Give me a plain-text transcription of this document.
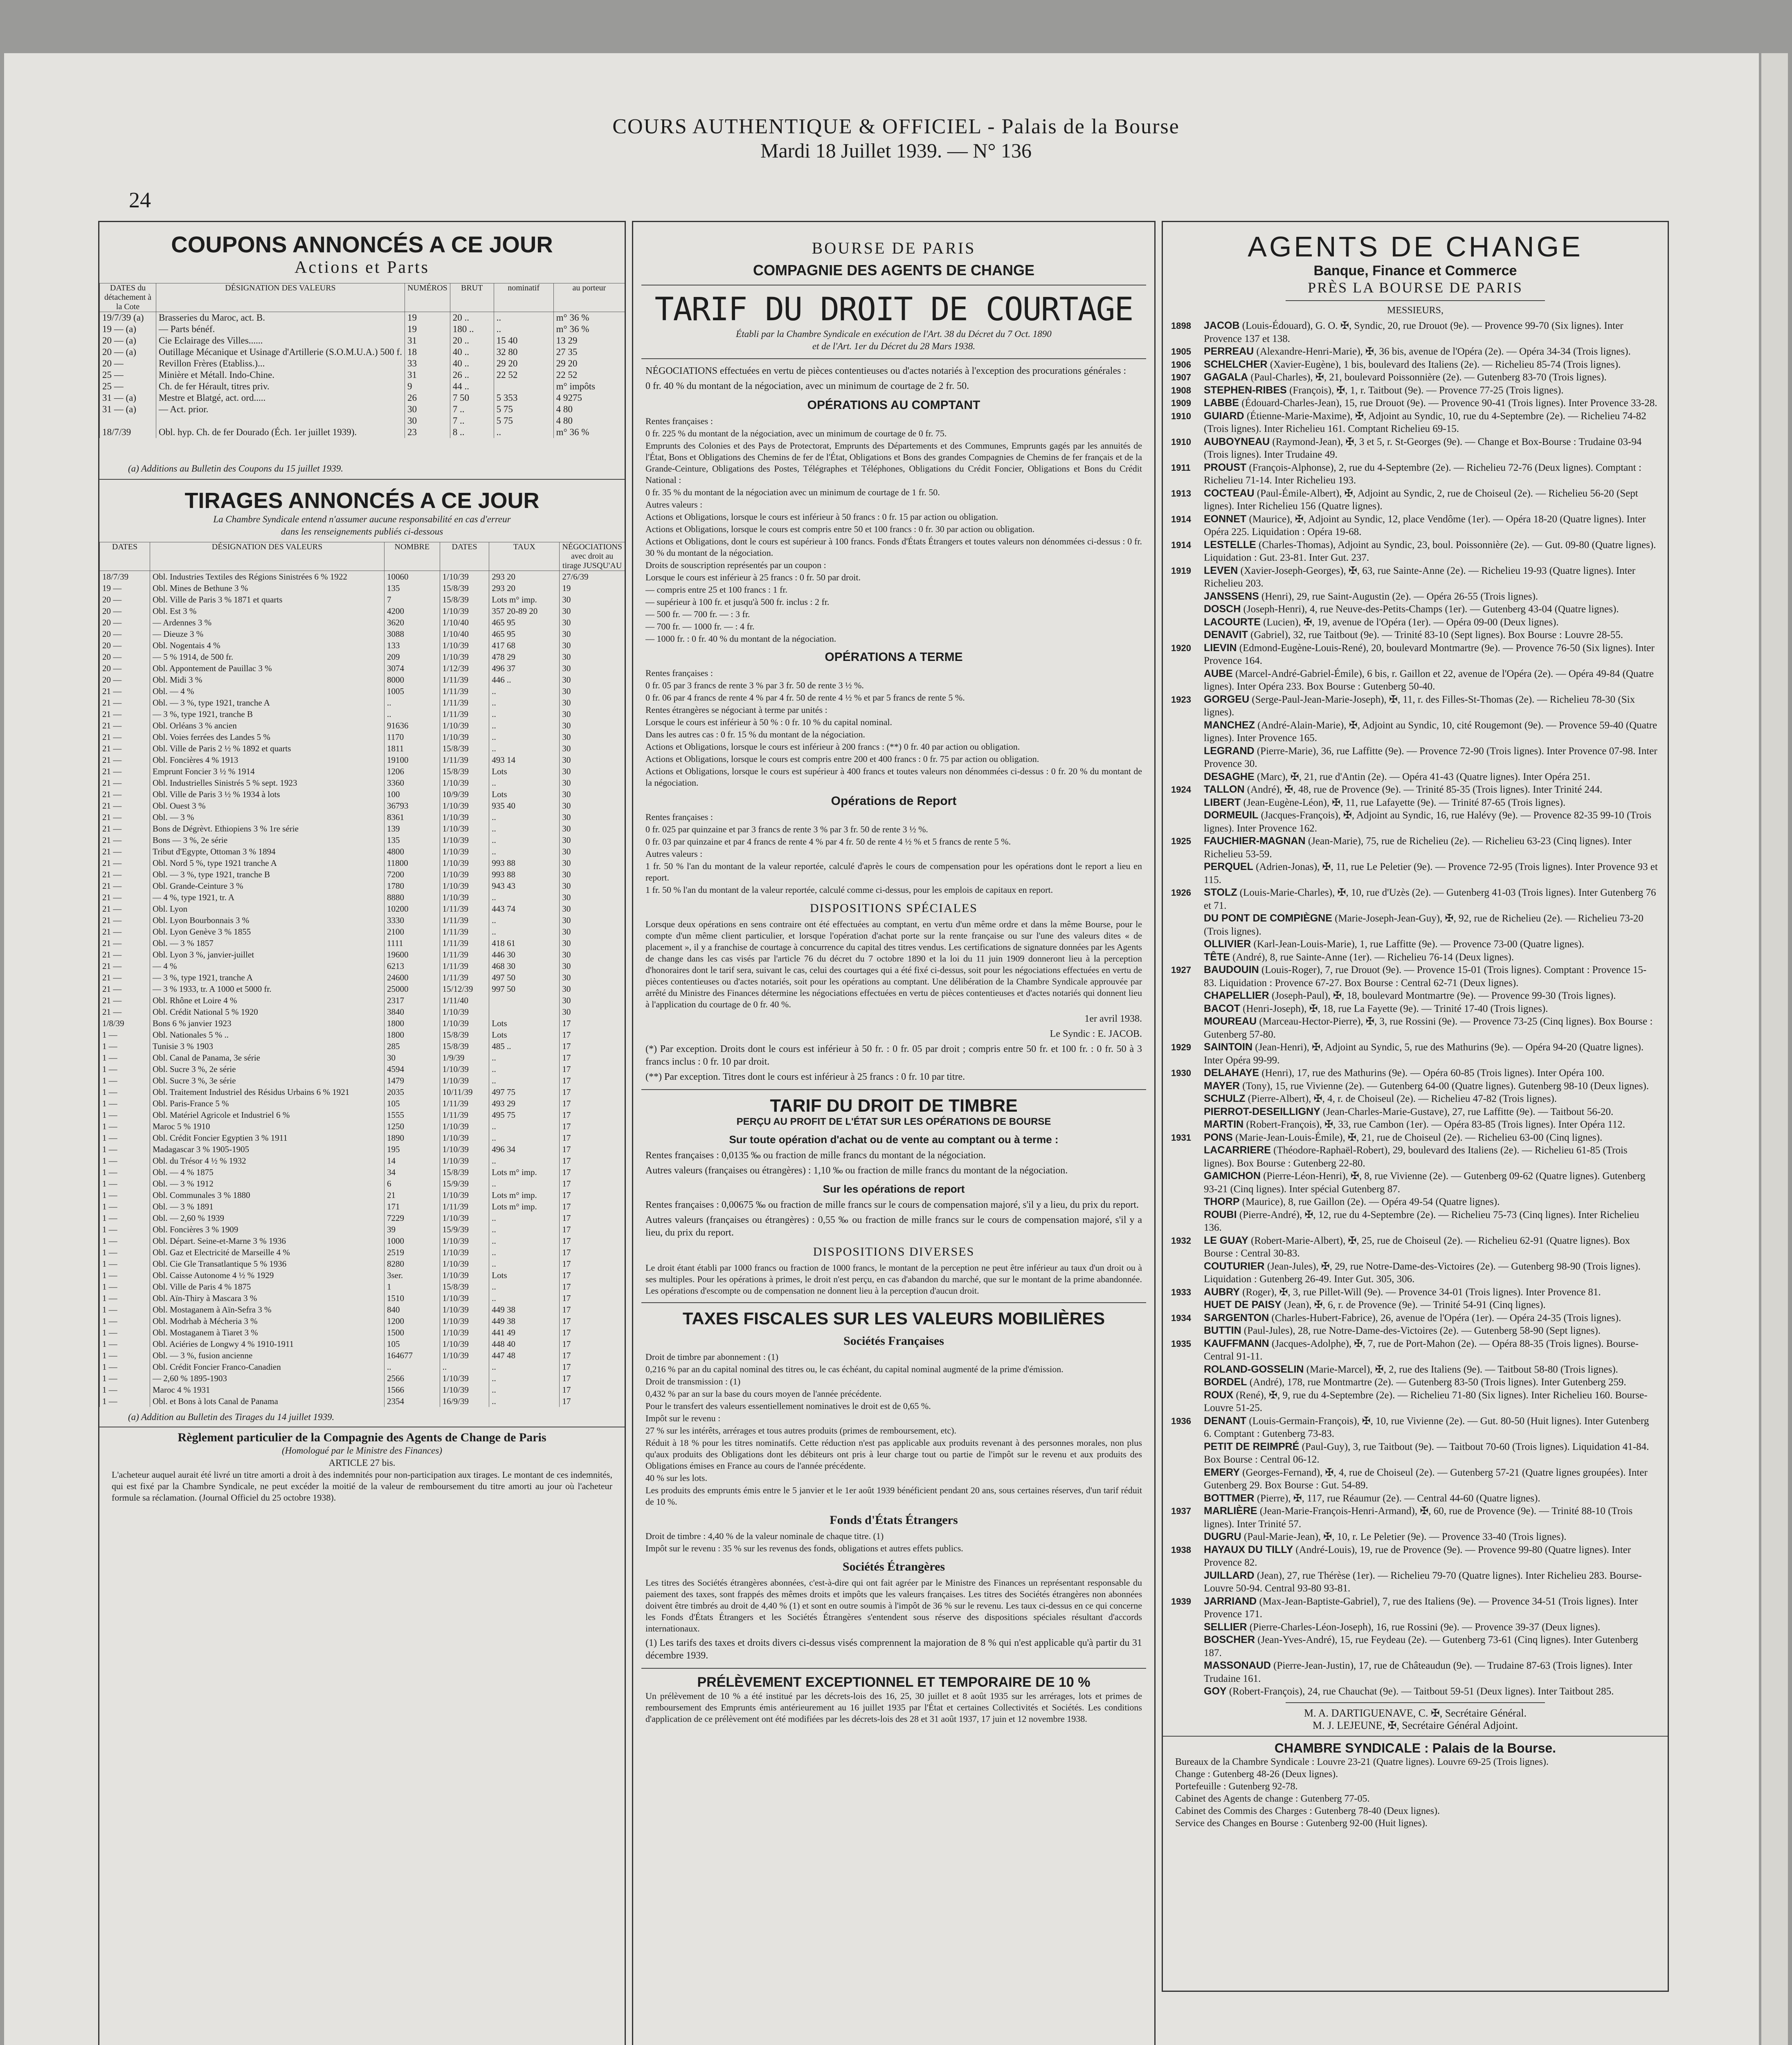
COURS AUTHENTIQUE & OFFICIEL - Palais de la Bourse
Mardi 18 Juillet 1939. — N° 136
24
COUPONS ANNONCÉS A CE JOUR
Actions et Parts
DATES du détachement à la Cote	DÉSIGNATION DES VALEURS	NUMÉROS	BRUT	nominatif	au porteur
19/7/39 (a)	Brasseries du Maroc, act. B.	19	20 ..	..	m° 36 %
19 — (a)	— Parts bénéf.	19	180 ..	..	m° 36 %
20 — (a)	Cie Eclairage des Villes......	31	20 ..	15 40	13 29
20 — (a)	Outillage Mécanique et Usinage d'Artillerie (S.O.M.U.A.) 500 f.	18	40 ..	32 80	27 35
20 —	Revillon Frères (Etabliss.)...	33	40 ..	29 20	29 20
25 —	Minière et Métall. Indo-Chine.	31	26 ..	22 52	22 52
25 —	Ch. de fer Hérault, titres priv.	9	44 ..		m° impôts
31 — (a)	Mestre et Blatgé, act. ord.....	26	7 50	5 353	4 9275
31 — (a)	— Act. prior.	30	7 ..	5 75	4 80
		30	7 ..	5 75	4 80
18/7/39	Obl. hyp. Ch. de fer Dourado (Éch. 1er juillet 1939).	23	8 ..	..	m° 36 %
(a) Additions au Bulletin des Coupons du 15 juillet 1939.
TIRAGES ANNONCÉS A CE JOUR
La Chambre Syndicale entend n'assumer aucune responsabilité en cas d'erreur
dans les renseignements publiés ci-dessous
DATES	DÉSIGNATION DES VALEURS	NOMBRE	DATES	TAUX	NÉGOCIATIONS avec droit au tirage JUSQU'AU
18/7/39	Obl. Industries Textiles des Régions Sinistrées 6 % 1922	10060	1/10/39	293 20	27/6/39
19 —	Obl. Mines de Bethune 3 %	135	15/8/39	293 20	19
20 —	Obl. Ville de Paris 3 % 1871 et quarts	7	15/8/39	Lots m° imp.	30
20 —	Obl. Est 3 %	4200	1/10/39	357 20-89 20	30
20 —	— Ardennes 3 %	3620	1/10/40	465 95	30
20 —	— Dieuze 3 %	3088	1/10/40	465 95	30
20 —	Obl. Nogentais 4 %	133	1/10/39	417 68	30
20 —	— 5 % 1914, de 500 fr.	209	1/10/39	478 29	30
20 —	Obl. Appontement de Pauillac 3 %	3074	1/12/39	496 37	30
20 —	Obl. Midi 3 %	8000	1/11/39	446 ..	30
21 —	Obl. — 4 %	1005	1/11/39	..	30
21 —	Obl. — 3 %, type 1921, tranche A	..	1/11/39	..	30
21 —	— 3 %, type 1921, tranche B	..	1/11/39	..	30
21 —	Obl. Orléans 3 % ancien	91636	1/10/39	..	30
21 —	Obl. Voies ferrées des Landes 5 %	1170	1/10/39	..	30
21 —	Obl. Ville de Paris 2 ½ % 1892 et quarts	1811	15/8/39	..	30
21 —	Obl. Foncières 4 % 1913	19100	1/11/39	493 14	30
21 —	Emprunt Foncier 3 ½ % 1914	1206	15/8/39	Lots	30
21 —	Obl. Industrielles Sinistrés 5 % sept. 1923	3360	1/10/39	..	30
21 —	Obl. Ville de Paris 3 ½ % 1934 à lots	100	10/9/39	Lots	30
21 —	Obl. Ouest 3 %	36793	1/10/39	935 40	30
21 —	Obl. — 3 %	8361	1/10/39	..	30
21 —	Bons de Dégrèvt. Ethiopiens 3 % 1re série	139	1/10/39	..	30
21 —	Bons — 3 %, 2e série	135	1/10/39	..	30
21 —	Tribut d'Egypte, Ottoman 3 % 1894	4800	1/10/39	..	30
21 —	Obl. Nord 5 %, type 1921 tranche A	11800	1/10/39	993 88	30
21 —	Obl. — 3 %, type 1921, tranche B	7200	1/10/39	993 88	30
21 —	Obl. Grande-Ceinture 3 %	1780	1/10/39	943 43	30
21 —	— 4 %, type 1921, tr. A	8880	1/10/39	..	30
21 —	Obl. Lyon	10200	1/11/39	443 74	30
21 —	Obl. Lyon Bourbonnais 3 %	3330	1/11/39	..	30
21 —	Obl. Lyon Genève 3 % 1855	2100	1/11/39	..	30
21 —	Obl. — 3 % 1857	1111	1/11/39	418 61	30
21 —	Obl. Lyon 3 %, janvier-juillet	19600	1/11/39	446 30	30
21 —	— 4 %	6213	1/11/39	468 30	30
21 —	— 3 %, type 1921, tranche A	24600	1/11/39	497 50	30
21 —	— 3 % 1933, tr. A 1000 et 5000 fr.	25000	15/12/39	997 50	30
21 —	Obl. Rhône et Loire 4 %	2317	1/11/40		30
21 —	Obl. Crédit National 5 % 1920	3840	1/10/39		30
1/8/39	Bons 6 % janvier 1923	1800	1/10/39	Lots	17
1 —	Obl. Nationales 5 % ..	1800	15/8/39	Lots	17
1 —	Tunisie 3 % 1903	285	15/8/39	485 ..	17
1 —	Obl. Canal de Panama, 3e série	30	1/9/39	..	17
1 —	Obl. Sucre 3 %, 2e série	4594	1/10/39	..	17
1 —	Obl. Sucre 3 %, 3e série	1479	1/10/39	..	17
1 —	Obl. Traitement Industriel des Résidus Urbains 6 % 1921	2035	10/11/39	497 75	17
1 —	Obl. Paris-France 5 %	105	1/11/39	493 29	17
1 —	Obl. Matériel Agricole et Industriel 6 %	1555	1/11/39	495 75	17
1 —	Maroc 5 % 1910	1250	1/10/39	..	17
1 —	Obl. Crédit Foncier Egyptien 3 % 1911	1890	1/10/39	..	17
1 —	Madagascar 3 % 1905-1905	195	1/10/39	496 34	17
1 —	Obl. du Trésor 4 ½ % 1932	14	1/10/39	..	17
1 —	Obl. — 4 % 1875	34	15/8/39	Lots m° imp.	17
1 —	Obl. — 3 % 1912	6	15/9/39	..	17
1 —	Obl. Communales 3 % 1880	21	1/10/39	Lots m° imp.	17
1 —	Obl. — 3 % 1891	171	1/11/39	Lots m° imp.	17
1 —	Obl. — 2,60 % 1939	7229	1/10/39	..	17
1 —	Obl. Foncières 3 % 1909	39	15/9/39	..	17
1 —	Obl. Départ. Seine-et-Marne 3 % 1936	1000	1/10/39	..	17
1 —	Obl. Gaz et Electricité de Marseille 4 %	2519	1/10/39	..	17
1 —	Obl. Cie Gle Transatlantique 5 % 1936	8280	1/10/39	..	17
1 —	Obl. Caisse Autonome 4 ½ % 1929	3ser.	1/10/39	Lots	17
1 —	Obl. Ville de Paris 4 % 1875	1	15/8/39	..	17
1 —	Obl. Aïn-Thiry à Mascara 3 %	1510	1/10/39	..	17
1 —	Obl. Mostaganem à Aïn-Sefra 3 %	840	1/10/39	449 38	17
1 —	Obl. Modrhab à Mécheria 3 %	1200	1/10/39	449 38	17
1 —	Obl. Mostaganem à Tiaret 3 %	1500	1/10/39	441 49	17
1 —	Obl. Aciéries de Longwy 4 % 1910-1911	105	1/10/39	448 40	17
1 —	Obl. — 3 %, fusion ancienne	164677	1/10/39	447 48	17
1 —	Obl. Crédit Foncier Franco-Canadien	..	..	..	17
1 —	— 2,60 % 1895-1903	2566	1/10/39	..	17
1 —	Maroc 4 % 1931	1566	1/10/39	..	17
1 —	Obl. et Bons à lots Canal de Panama	2354	16/9/39	..	17
(a) Addition au Bulletin des Tirages du 14 juillet 1939.
Règlement particulier de la Compagnie des Agents de Change de Paris
(Homologué par le Ministre des Finances)
ARTICLE 27 bis.
L'acheteur auquel aurait été livré un titre amorti a droit à des indemnités pour non-participation aux tirages. Le montant de ces indemnités, qui est fixé par la Chambre Syndicale, ne peut excéder la moitié de la valeur de remboursement du titre amorti au jour où l'acheteur formule sa réclamation. (Journal Officiel du 25 octobre 1938).
BOURSE DE PARIS
COMPAGNIE DES AGENTS DE CHANGE
TARIF DU DROIT DE COURTAGE
Établi par la Chambre Syndicale en exécution de l'Art. 38 du Décret du 7 Oct. 1890
et de l'Art. 1er du Décret du 28 Mars 1938.
NÉGOCIATIONS effectuées en vertu de pièces contentieuses ou d'actes notariés à l'exception des procurations générales :
0 fr. 40 % du montant de la négociation, avec un minimum de courtage de 2 fr. 50.
OPÉRATIONS AU COMPTANT
Rentes françaises :
0 fr. 225 % du montant de la négociation, avec un minimum de courtage de 0 fr. 75.
Emprunts des Colonies et des Pays de Protectorat, Emprunts des Départements et des Communes, Emprunts gagés par les annuités de l'État, Bons et Obligations des Chemins de fer de l'État, Obligations et Bons des grandes Compagnies de Chemins de fer français et de la Grande-Ceinture, Obligations des Postes, Télégraphes et Téléphones, Obligations du Crédit Foncier, Obligations et Bons du Crédit National :
0 fr. 35 % du montant de la négociation avec un minimum de courtage de 1 fr. 50.
Autres valeurs :
Actions et Obligations, lorsque le cours est inférieur à 50 francs : 0 fr. 15 par action ou obligation.
Actions et Obligations, lorsque le cours est compris entre 50 et 100 francs : 0 fr. 30 par action ou obligation.
Actions et Obligations, dont le cours est supérieur à 100 francs. Fonds d'États Étrangers et toutes valeurs non dénommées ci-dessus : 0 fr. 30 % du montant de la négociation.
Droits de souscription représentés par un coupon :
Lorsque le cours est inférieur à 25 francs : 0 fr. 50 par droit.
— compris entre 25 et 100 francs : 1 fr.
— supérieur à 100 fr. et jusqu'à 500 fr. inclus : 2 fr.
— 500 fr. — 700 fr. — : 3 fr.
— 700 fr. — 1000 fr. — : 4 fr.
— 1000 fr. : 0 fr. 40 % du montant de la négociation.
OPÉRATIONS A TERME
Rentes françaises :
0 fr. 05 par 3 francs de rente 3 % par 3 fr. 50 de rente 3 ½ %.
0 fr. 06 par 4 francs de rente 4 % par 4 fr. 50 de rente 4 ½ % et par 5 francs de rente 5 %.
Rentes étrangères se négociant à terme par unités :
Lorsque le cours est inférieur à 50 % : 0 fr. 10 % du capital nominal.
Dans les autres cas : 0 fr. 15 % du montant de la négociation.
Actions et Obligations, lorsque le cours est inférieur à 200 francs : (**) 0 fr. 40 par action ou obligation.
Actions et Obligations, lorsque le cours est compris entre 200 et 400 francs : 0 fr. 75 par action ou obligation.
Actions et Obligations, lorsque le cours est supérieur à 400 francs et toutes valeurs non dénommées ci-dessus : 0 fr. 20 % du montant de la négociation.
Opérations de Report
Rentes françaises :
0 fr. 025 par quinzaine et par 3 francs de rente 3 % par 3 fr. 50 de rente 3 ½ %.
0 fr. 03 par quinzaine et par 4 francs de rente 4 % par 4 fr. 50 de rente 4 ½ % et 5 francs de rente 5 %.
Autres valeurs :
1 fr. 50 % l'an du montant de la valeur reportée, calculé d'après le cours de compensation pour les opérations dont le report a lieu en report.
1 fr. 50 % l'an du montant de la valeur reportée, calculé comme ci-dessus, pour les emplois de capitaux en report.
DISPOSITIONS SPÉCIALES
Lorsque deux opérations en sens contraire ont été effectuées au comptant, en vertu d'un même ordre et dans la même Bourse, pour le compte d'un même client particulier, et lorsque l'opération d'achat porte sur la rente française ou sur l'une des valeurs dites « de placement », il y a franchise de courtage à concurrence du capital des titres vendus. Les certifications de signature données par les Agents de change dans les cas visés par l'article 76 du décret du 7 octobre 1890 et la loi du 11 juin 1909 donneront lieu à la perception d'honoraires dont le tarif sera, suivant le cas, celui des courtages qui a été fixé ci-dessus, soit pour les négociations effectuées en vertu de pièces contentieuses ou d'actes notariés, soit pour les opérations au comptant. Une délibération de la Chambre Syndicale approuvée par arrêté du Ministre des Finances détermine les négociations effectuées en vertu de pièces contentieuses et d'actes notariés qui donnent lieu à l'application du courtage de 0 fr. 40 %.
1er avril 1938.
Le Syndic : E. JACOB.
(*) Par exception. Droits dont le cours est inférieur à 50 fr. : 0 fr. 05 par droit ; compris entre 50 fr. et 100 fr. : 0 fr. 50 à 3 francs inclus : 0 fr. 10 par droit.
(**) Par exception. Titres dont le cours est inférieur à 25 francs : 0 fr. 10 par titre.
TARIF DU DROIT DE TIMBRE
PERÇU AU PROFIT DE L'ÉTAT SUR LES OPÉRATIONS DE BOURSE
Sur toute opération d'achat ou de vente au comptant ou à terme :
Rentes françaises : 0,0135 ‰ ou fraction de mille francs du montant de la négociation.
Autres valeurs (françaises ou étrangères) : 1,10 ‰ ou fraction de mille francs du montant de la négociation.
Sur les opérations de report
Rentes françaises : 0,00675 ‰ ou fraction de mille francs sur le cours de compensation majoré, s'il y a lieu, du prix du report.
Autres valeurs (françaises ou étrangères) : 0,55 ‰ ou fraction de mille francs sur le cours de compensation majoré, s'il y a lieu, du prix du report.
DISPOSITIONS DIVERSES
Le droit étant établi par 1000 francs ou fraction de 1000 francs, le montant de la perception ne peut être inférieur au taux d'un droit ou à ses multiples. Pour les opérations à primes, le droit n'est perçu, en cas d'abandon du marché, que sur le montant de la prime abandonnée. Les opérations d'escompte ou de compensation ne donnent lieu à la perception d'aucun droit.
TAXES FISCALES SUR LES VALEURS MOBILIÈRES
Sociétés Françaises
Droit de timbre par abonnement : (1)
0,216 % par an du capital nominal des titres ou, le cas échéant, du capital nominal augmenté de la prime d'émission.
Droit de transmission : (1)
0,432 % par an sur la base du cours moyen de l'année précédente.
Pour le transfert des valeurs essentiellement nominatives le droit est de 0,65 %.
Impôt sur le revenu :
27 % sur les intérêts, arrérages et tous autres produits (primes de remboursement, etc).
Réduit à 18 % pour les titres nominatifs. Cette réduction n'est pas applicable aux produits revenant à des personnes morales, non plus qu'aux produits des Obligations dont les débiteurs ont pris à leur charge tout ou partie de l'impôt sur le revenu et aux produits des Obligations émises en France au cours de l'année précédente.
40 % sur les lots.
Les produits des emprunts émis entre le 5 janvier et le 1er août 1939 bénéficient pendant 20 ans, sous certaines réserves, d'un tarif réduit de 10 %.
Fonds d'États Étrangers
Droit de timbre : 4,40 % de la valeur nominale de chaque titre. (1)
Impôt sur le revenu : 35 % sur les revenus des fonds, obligations et autres effets publics.
Sociétés Étrangères
Les titres des Sociétés étrangères abonnées, c'est-à-dire qui ont fait agréer par le Ministre des Finances un représentant responsable du paiement des taxes, sont frappés des mêmes droits et impôts que les valeurs françaises. Les titres des Sociétés étrangères non abonnées doivent être timbrés au droit de 4,40 % (1) et sont en outre soumis à l'impôt de 36 % sur le revenu. Les taux ci-dessus en ce qui concerne les Fonds d'États Étrangers et les Sociétés Étrangères s'entendent sous réserve des dispositions spéciales résultant d'accords internationaux.
(1) Les tarifs des taxes et droits divers ci-dessus visés comprennent la majoration de 8 % qui n'est applicable qu'à partir du 31 décembre 1939.
PRÉLÈVEMENT EXCEPTIONNEL ET TEMPORAIRE DE 10 %
Un prélèvement de 10 % a été institué par les décrets-lois des 16, 25, 30 juillet et 8 août 1935 sur les arrérages, lots et primes de remboursement des Emprunts émis antérieurement au 16 juillet 1935 par l'État et certaines Collectivités et Sociétés. Les conditions d'application de ce prélèvement ont été modifiées par les décrets-lois des 28 et 31 août 1937, 17 juin et 12 novembre 1938.
AGENTS DE CHANGE
Banque, Finance et Commerce
PRÈS LA BOURSE DE PARIS
MESSIEURS,
1898	JACOB (Louis-Édouard), G. O. ✠, Syndic, 20, rue Drouot (9e). — Provence 99-70 (Six lignes). Inter Provence 137 et 138.
1905	PERREAU (Alexandre-Henri-Marie), ✠, 36 bis, avenue de l'Opéra (2e). — Opéra 34-34 (Trois lignes).
1906	SCHELCHER (Xavier-Eugène), 1 bis, boulevard des Italiens (2e). — Richelieu 85-74 (Trois lignes).
1907	GAGALA (Paul-Charles), ✠, 21, boulevard Poissonnière (2e). — Gutenberg 83-70 (Trois lignes).
1908	STEPHEN-RIBES (François), ✠, 1, r. Taitbout (9e). — Provence 77-25 (Trois lignes).
1909	LABBE (Édouard-Charles-Jean), 15, rue Drouot (9e). — Provence 90-41 (Trois lignes). Inter Provence 33-28.
1910	GUIARD (Étienne-Marie-Maxime), ✠, Adjoint au Syndic, 10, rue du 4-Septembre (2e). — Richelieu 74-82 (Trois lignes). Inter Richelieu 161. Comptant Richelieu 69-15.
1910	AUBOYNEAU (Raymond-Jean), ✠, 3 et 5, r. St-Georges (9e). — Change et Box-Bourse : Trudaine 03-94 (Trois lignes). Inter Trudaine 49.
1911	PROUST (François-Alphonse), 2, rue du 4-Septembre (2e). — Richelieu 72-76 (Deux lignes). Comptant : Richelieu 71-14. Inter Richelieu 193.
1913	COCTEAU (Paul-Émile-Albert), ✠, Adjoint au Syndic, 2, rue de Choiseul (2e). — Richelieu 56-20 (Sept lignes). Inter Richelieu 156 (Quatre lignes).
1914	EONNET (Maurice), ✠, Adjoint au Syndic, 12, place Vendôme (1er). — Opéra 18-20 (Quatre lignes). Inter Opéra 225. Liquidation : Opéra 19-68.
1914	LESTELLE (Charles-Thomas), Adjoint au Syndic, 23, boul. Poissonnière (2e). — Gut. 09-80 (Quatre lignes). Liquidation : Gut. 23-81. Inter Gut. 237.
1919	LEVEN (Xavier-Joseph-Georges), ✠, 63, rue Sainte-Anne (2e). — Richelieu 19-93 (Quatre lignes). Inter Richelieu 203.
JANSSENS (Henri), 29, rue Saint-Augustin (2e). — Opéra 26-55 (Trois lignes).
DOSCH (Joseph-Henri), 4, rue Neuve-des-Petits-Champs (1er). — Gutenberg 43-04 (Quatre lignes).
LACOURTE (Lucien), ✠, 19, avenue de l'Opéra (1er). — Opéra 09-00 (Deux lignes).
DENAVIT (Gabriel), 32, rue Taitbout (9e). — Trinité 83-10 (Sept lignes). Box Bourse : Louvre 28-55.
1920	LIEVIN (Edmond-Eugène-Louis-René), 20, boulevard Montmartre (9e). — Provence 76-50 (Six lignes). Inter Provence 164.
AUBE (Marcel-André-Gabriel-Émile), 6 bis, r. Gaillon et 22, avenue de l'Opéra (2e). — Opéra 49-84 (Quatre lignes). Inter Opéra 233. Box Bourse : Gutenberg 50-40.
1923	GORGEU (Serge-Paul-Jean-Marie-Joseph), ✠, 11, r. des Filles-St-Thomas (2e). — Richelieu 78-30 (Six lignes).
MANCHEZ (André-Alain-Marie), ✠, Adjoint au Syndic, 10, cité Rougemont (9e). — Provence 59-40 (Quatre lignes). Inter Provence 165.
LEGRAND (Pierre-Marie), 36, rue Laffitte (9e). — Provence 72-90 (Trois lignes). Inter Provence 07-98. Inter Provence 30.
DESAGHE (Marc), ✠, 21, rue d'Antin (2e). — Opéra 41-43 (Quatre lignes). Inter Opéra 251.
1924	TALLON (André), ✠, 48, rue de Provence (9e). — Trinité 85-35 (Trois lignes). Inter Trinité 244.
LIBERT (Jean-Eugène-Léon), ✠, 11, rue Lafayette (9e). — Trinité 87-65 (Trois lignes).
DORMEUIL (Jacques-François), ✠, Adjoint au Syndic, 16, rue Halévy (9e). — Provence 82-35 99-10 (Trois lignes). Inter Provence 162.
1925	FAUCHIER-MAGNAN (Jean-Marie), 75, rue de Richelieu (2e). — Richelieu 63-23 (Cinq lignes). Inter Richelieu 53-59.
PERQUEL (Adrien-Jonas), ✠, 11, rue Le Peletier (9e). — Provence 72-95 (Trois lignes). Inter Provence 93 et 115.
1926	STOLZ (Louis-Marie-Charles), ✠, 10, rue d'Uzès (2e). — Gutenberg 41-03 (Trois lignes). Inter Gutenberg 76 et 71.
DU PONT DE COMPIÈGNE (Marie-Joseph-Jean-Guy), ✠, 92, rue de Richelieu (2e). — Richelieu 73-20 (Trois lignes).
OLLIVIER (Karl-Jean-Louis-Marie), 1, rue Laffitte (9e). — Provence 73-00 (Quatre lignes).
TÊTE (André), 8, rue Sainte-Anne (1er). — Richelieu 76-14 (Deux lignes).
1927	BAUDOUIN (Louis-Roger), 7, rue Drouot (9e). — Provence 15-01 (Trois lignes). Comptant : Provence 15-83. Liquidation : Provence 67-27. Box Bourse : Central 62-71 (Deux lignes).
CHAPELLIER (Joseph-Paul), ✠, 18, boulevard Montmartre (9e). — Provence 99-30 (Trois lignes).
BACOT (Henri-Joseph), ✠, 18, rue La Fayette (9e). — Trinité 17-40 (Trois lignes).
MOUREAU (Marceau-Hector-Pierre), ✠, 3, rue Rossini (9e). — Provence 73-25 (Cinq lignes). Box Bourse : Gutenberg 57-80.
1929	SAINTOIN (Jean-Henri), ✠, Adjoint au Syndic, 5, rue des Mathurins (9e). — Opéra 94-20 (Quatre lignes). Inter Opéra 99-99.
1930	DELAHAYE (Henri), 17, rue des Mathurins (9e). — Opéra 60-85 (Trois lignes). Inter Opéra 100.
MAYER (Tony), 15, rue Vivienne (2e). — Gutenberg 64-00 (Quatre lignes). Gutenberg 98-10 (Deux lignes).
SCHULZ (Pierre-Albert), ✠, 4, r. de Choiseul (2e). — Richelieu 47-82 (Trois lignes).
PIERROT-DESEILLIGNY (Jean-Charles-Marie-Gustave), 27, rue Laffitte (9e). — Taitbout 56-20.
MARTIN (Robert-François), ✠, 33, rue Cambon (1er). — Opéra 83-85 (Trois lignes). Inter Opéra 112.
1931	PONS (Marie-Jean-Louis-Émile), ✠, 21, rue de Choiseul (2e). — Richelieu 63-00 (Cinq lignes).
LACARRIERE (Théodore-Raphaël-Robert), 29, boulevard des Italiens (2e). — Richelieu 61-85 (Trois lignes). Box Bourse : Gutenberg 22-80.
GAMICHON (Pierre-Léon-Henri), ✠, 8, rue Vivienne (2e). — Gutenberg 09-62 (Quatre lignes). Gutenberg 93-21 (Cinq lignes). Inter spécial Gutenberg 87.
THORP (Maurice), 8, rue Gaillon (2e). — Opéra 49-54 (Quatre lignes).
ROUBI (Pierre-André), ✠, 12, rue du 4-Septembre (2e). — Richelieu 75-73 (Cinq lignes). Inter Richelieu 136.
1932	LE GUAY (Robert-Marie-Albert), ✠, 25, rue de Choiseul (2e). — Richelieu 62-91 (Quatre lignes). Box Bourse : Central 30-83.
COUTURIER (Jean-Jules), ✠, 29, rue Notre-Dame-des-Victoires (2e). — Gutenberg 98-90 (Trois lignes). Liquidation : Gutenberg 26-49. Inter Gut. 305, 306.
1933	AUBRY (Roger), ✠, 3, rue Pillet-Will (9e). — Provence 34-01 (Trois lignes). Inter Provence 81.
HUET DE PAISY (Jean), ✠, 6, r. de Provence (9e). — Trinité 54-91 (Cinq lignes).
1934	SARGENTON (Charles-Hubert-Fabrice), 26, avenue de l'Opéra (1er). — Opéra 24-35 (Trois lignes).
BUTTIN (Paul-Jules), 28, rue Notre-Dame-des-Victoires (2e). — Gutenberg 58-90 (Sept lignes).
1935	KAUFFMANN (Jacques-Adolphe), ✠, 7, rue de Port-Mahon (2e). — Opéra 88-35 (Trois lignes). Bourse-Central 91-11.
ROLAND-GOSSELIN (Marie-Marcel), ✠, 2, rue des Italiens (9e). — Taitbout 58-80 (Trois lignes).
BORDEL (André), 178, rue Montmartre (2e). — Gutenberg 83-50 (Trois lignes). Inter Gutenberg 259.
ROUX (René), ✠, 9, rue du 4-Septembre (2e). — Richelieu 71-80 (Six lignes). Inter Richelieu 160. Bourse-Louvre 51-25.
1936	DENANT (Louis-Germain-François), ✠, 10, rue Vivienne (2e). — Gut. 80-50 (Huit lignes). Inter Gutenberg 6. Comptant : Gutenberg 73-83.
PETIT DE REIMPRÉ (Paul-Guy), 3, rue Taitbout (9e). — Taitbout 70-60 (Trois lignes). Liquidation 41-84. Box Bourse : Central 06-12.
EMERY (Georges-Fernand), ✠, 4, rue de Choiseul (2e). — Gutenberg 57-21 (Quatre lignes groupées). Inter Gutenberg 29. Box Bourse : Gut. 54-89.
BOTTMER (Pierre), ✠, 117, rue Réaumur (2e). — Central 44-60 (Quatre lignes).
1937	MARLIÈRE (Jean-Marie-François-Henri-Armand), ✠, 60, rue de Provence (9e). — Trinité 88-10 (Trois lignes). Inter Trinité 57.
DUGRU (Paul-Marie-Jean), ✠, 10, r. Le Peletier (9e). — Provence 33-40 (Trois lignes).
1938	HAYAUX DU TILLY (André-Louis), 19, rue de Provence (9e). — Provence 99-80 (Quatre lignes). Inter Provence 82.
JUILLARD (Jean), 27, rue Thérèse (1er). — Richelieu 79-70 (Quatre lignes). Inter Richelieu 283. Bourse-Louvre 50-94. Central 93-80 93-81.
1939	JARRIAND (Max-Jean-Baptiste-Gabriel), 7, rue des Italiens (9e). — Provence 34-51 (Trois lignes). Inter Provence 171.
SELLIER (Pierre-Charles-Léon-Joseph), 16, rue Rossini (9e). — Provence 39-37 (Deux lignes).
BOSCHER (Jean-Yves-André), 15, rue Feydeau (2e). — Gutenberg 73-61 (Cinq lignes). Inter Gutenberg 187.
MASSONAUD (Pierre-Jean-Justin), 17, rue de Châteaudun (9e). — Trudaine 87-63 (Trois lignes). Inter Trudaine 161.
GOY (Robert-François), 24, rue Chauchat (9e). — Taitbout 59-51 (Deux lignes). Inter Taitbout 285.
M. A. DARTIGUENAVE, C. ✠, Secrétaire Général.
M. J. LEJEUNE, ✠, Secrétaire Général Adjoint.
CHAMBRE SYNDICALE : Palais de la Bourse.
Bureaux de la Chambre Syndicale : Louvre 23-21 (Quatre lignes). Louvre 69-25 (Trois lignes).
Change : Gutenberg 48-26 (Deux lignes).
Portefeuille : Gutenberg 92-78.
Cabinet des Agents de change : Gutenberg 77-05.
Cabinet des Commis des Charges : Gutenberg 78-40 (Deux lignes).
Service des Changes en Bourse : Gutenberg 92-00 (Huit lignes).
